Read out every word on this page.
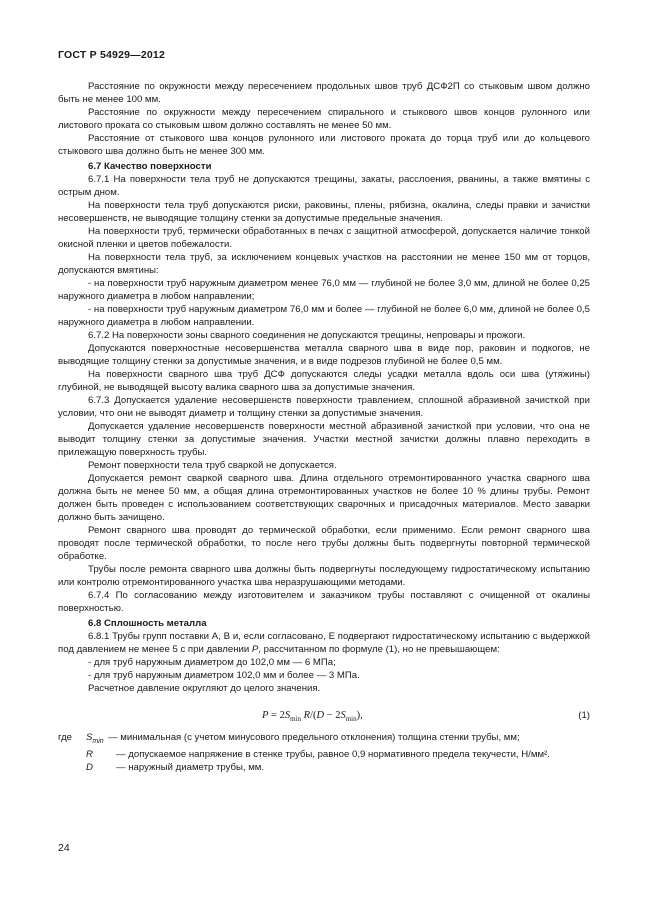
ГОСТ Р 54929—2012

Расстояние по окружности между пересечением продольных швов труб ДСФ2П со стыковым швом должно быть не менее 100 мм.

Расстояние по окружности между пересечением спирального и стыкового швов концов рулонного или листового проката со стыковым швом должно составлять не менее 50 мм.

Расстояние от стыкового шва концов рулонного или листового проката до торца труб или до кольцевого стыкового шва должно быть не менее 300 мм.

6.7 Качество поверхности

6.7.1 На поверхности тела труб не допускаются трещины, закаты, расслоения, рванины, а также вмятины с острым дном.

На поверхности тела труб допускаются риски, раковины, плены, рябизна, окалина, следы правки и зачистки несовершенств, не выводящие толщину стенки за допустимые предельные значения.

На поверхности труб, термически обработанных в печах с защитной атмосферой, допускается наличие тонкой окисной пленки и цветов побежалости.

На поверхности тела труб, за исключением концевых участков на расстоянии не менее 150 мм от торцов, допускаются вмятины:

- на поверхности труб наружным диаметром менее 76,0 мм — глубиной не более 3,0 мм, длиной не более 0,25 наружного диаметра в любом направлении;

- на поверхности труб наружным диаметром 76,0 мм и более — глубиной не более 6,0 мм, длиной не более 0,5 наружного диаметра в любом направлении.

6.7.2 На поверхности зоны сварного соединения не допускаются трещины, непровары и прожоги.

Допускаются поверхностные несовершенства металла сварного шва в виде пор, раковин и подкогов, не выводящие толщину стенки за допустимые значения, и в виде подрезов глубиной не более 0,5 мм.

На поверхности сварного шва труб ДСФ допускаются следы усадки металла вдоль оси шва (утяжины) глубиной, не выводящей высоту валика сварного шва за допустимые значения.

6.7.3 Допускается удаление несовершенств поверхности травлением, сплошной абразивной зачисткой при условии, что они не выводят диаметр и толщину стенки за допустимые значения.

Допускается удаление несовершенств поверхности местной абразивной зачисткой при условии, что она не выводит толщину стенки за допустимые значения. Участки местной зачистки должны плавно переходить в прилежащую поверхность трубы.

Ремонт поверхности тела труб сваркой не допускается.

Допускается ремонт сваркой сварного шва. Длина отдельного отремонтированного участка сварного шва должна быть не менее 50 мм, а общая длина отремонтированных участков не более 10 % длины трубы. Ремонт должен быть проведен с использованием соответствующих сварочных и присадочных материалов. Место заварки должно быть зачищено.

Ремонт сварного шва проводят до термической обработки, если применимо. Если ремонт сварного шва проводят после термической обработки, то после него трубы должны быть подвергнуты повторной термической обработке.

Трубы после ремонта сварного шва должны быть подвергнуты последующему гидростатическому испытанию или контролю отремонтированного участка шва неразрушающими методами.

6.7.4 По согласованию между изготовителем и заказчиком трубы поставляют с очищенной от окалины поверхностью.

6.8 Сплошность металла

6.8.1 Трубы групп поставки А, В и, если согласовано, Е подвергают гидростатическому испытанию с выдержкой под давлением не менее 5 с при давлении P, рассчитанном по формуле (1), но не превышающем:

- для труб наружным диаметром до 102,0 мм — 6 МПа;

- для труб наружным диаметром 102,0 мм и более — 3 МПа.

Расчетное давление округляют до целого значения.

$P = 2S_{min}$ $R/(D - 2S_{min})$,	(1)
где	$S_{min}$ — минимальная (с учетом минусового предельного отклонения) толщина стенки трубы, мм;
R	— допускаемое напряжение в стенке трубы, равное 0,9 нормативного предела текучести, Н/мм².
D	— наружный диаметр трубы, мм.
24
